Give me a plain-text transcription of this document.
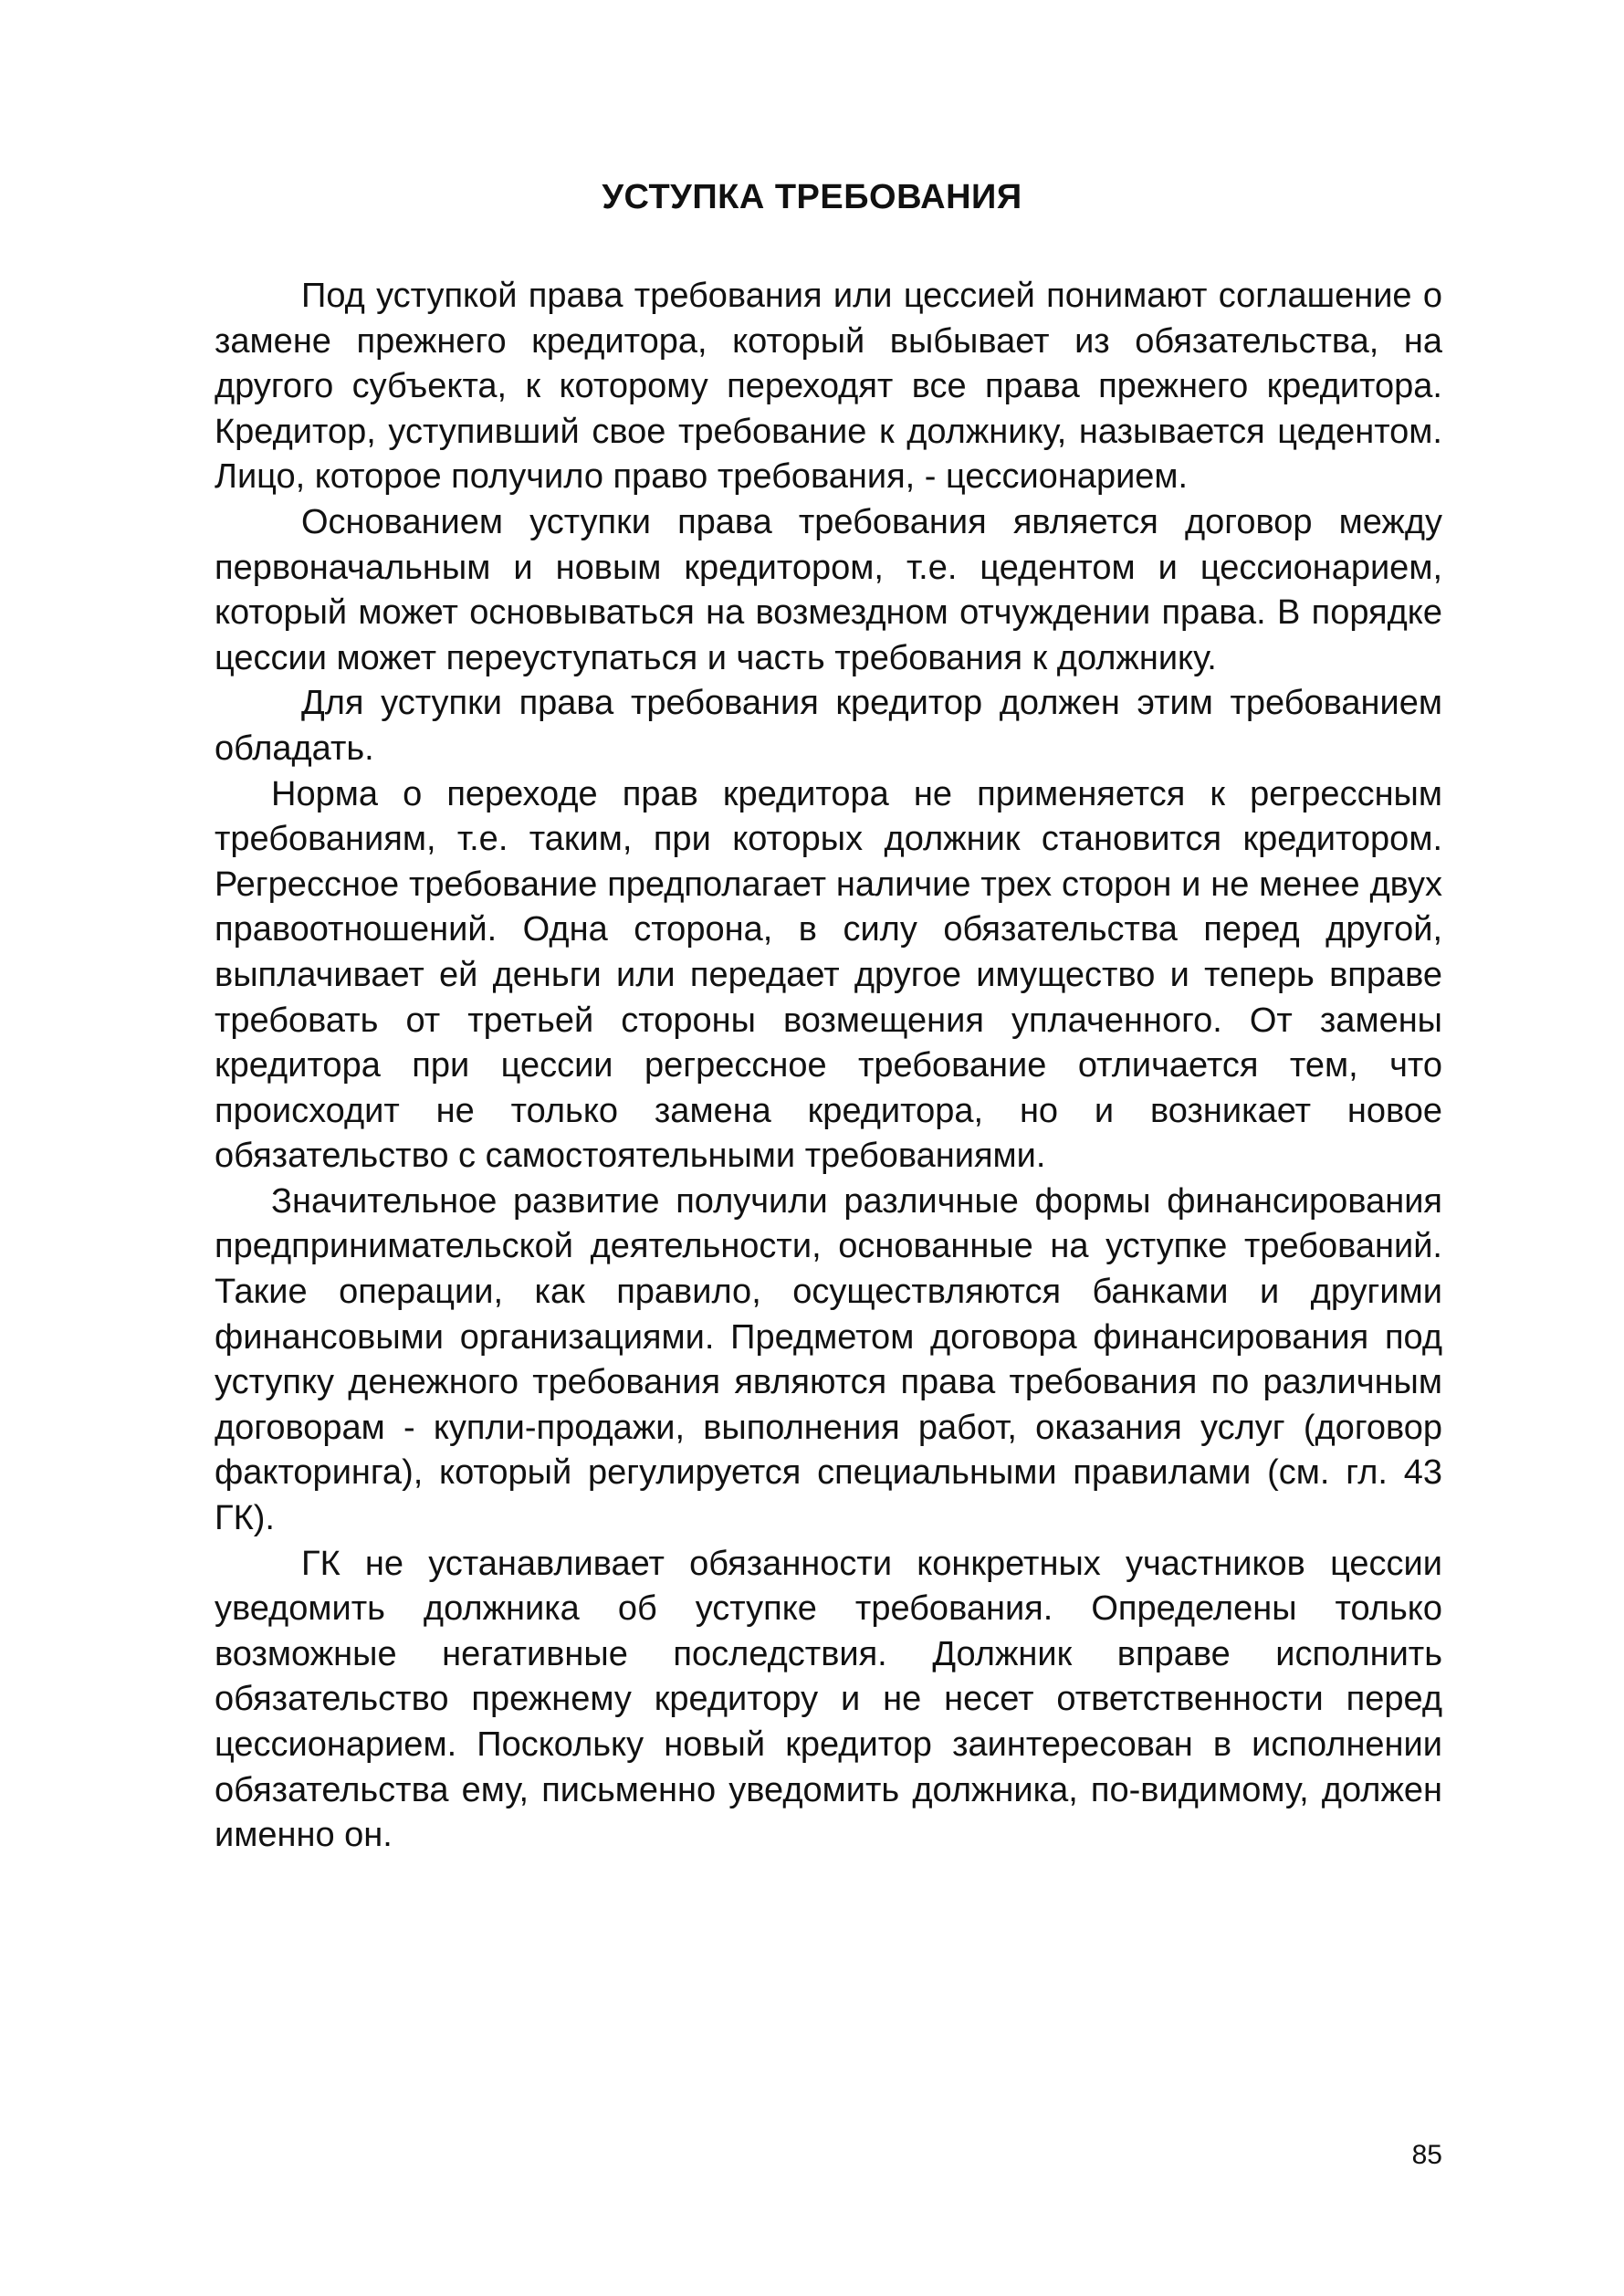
УСТУПКА ТРЕБОВАНИЯ

Под уступкой права требования или цессией понимают соглашение о замене прежнего кредитора, который выбывает из обязательства, на другого субъекта, к которому переходят все права прежнего кредитора. Кредитор, уступивший свое требование к должнику, называется цедентом. Лицо, которое получило право требования, - цессионарием.

Основанием уступки права требования является договор между первоначальным и новым кредитором, т.е. цедентом и цессионарием, который может основываться на возмездном отчуждении права. В порядке цессии может переуступаться и часть требования к должнику.

Для уступки права требования кредитор должен этим требованием обладать.

Норма о переходе прав кредитора не применяется к регрессным требованиям, т.е. таким, при которых должник становится кредитором. Регрессное требование предполагает наличие трех сторон и не менее двух правоотношений. Одна сторона, в силу обязательства перед другой, выплачивает ей деньги или передает другое имущество и теперь вправе требовать от третьей стороны возмещения уплаченного. От замены кредитора при цессии регрессное требование отличается тем, что происходит не только замена кредитора, но и возникает новое обязательство с самостоятельными требованиями.

Значительное развитие получили различные формы финансирования предпринимательской деятельности, основанные на уступке требований. Такие операции, как правило, осуществляются банками и другими финансовыми организациями. Предметом договора финансирования под уступку денежного требования являются права требования по различным договорам - купли-продажи, выполнения работ, оказания услуг (договор факторинга), который регулируется специальными правилами (см. гл. 43 ГК).

ГК не устанавливает обязанности конкретных участников цессии уведомить должника об уступке требования. Определены только возможные негативные последствия. Должник вправе исполнить обязательство прежнему кредитору и не несет ответственности перед цессионарием. Поскольку новый кредитор заинтересован в исполнении обязательства ему, письменно уведомить должника, по-видимому, должен именно он.

85
